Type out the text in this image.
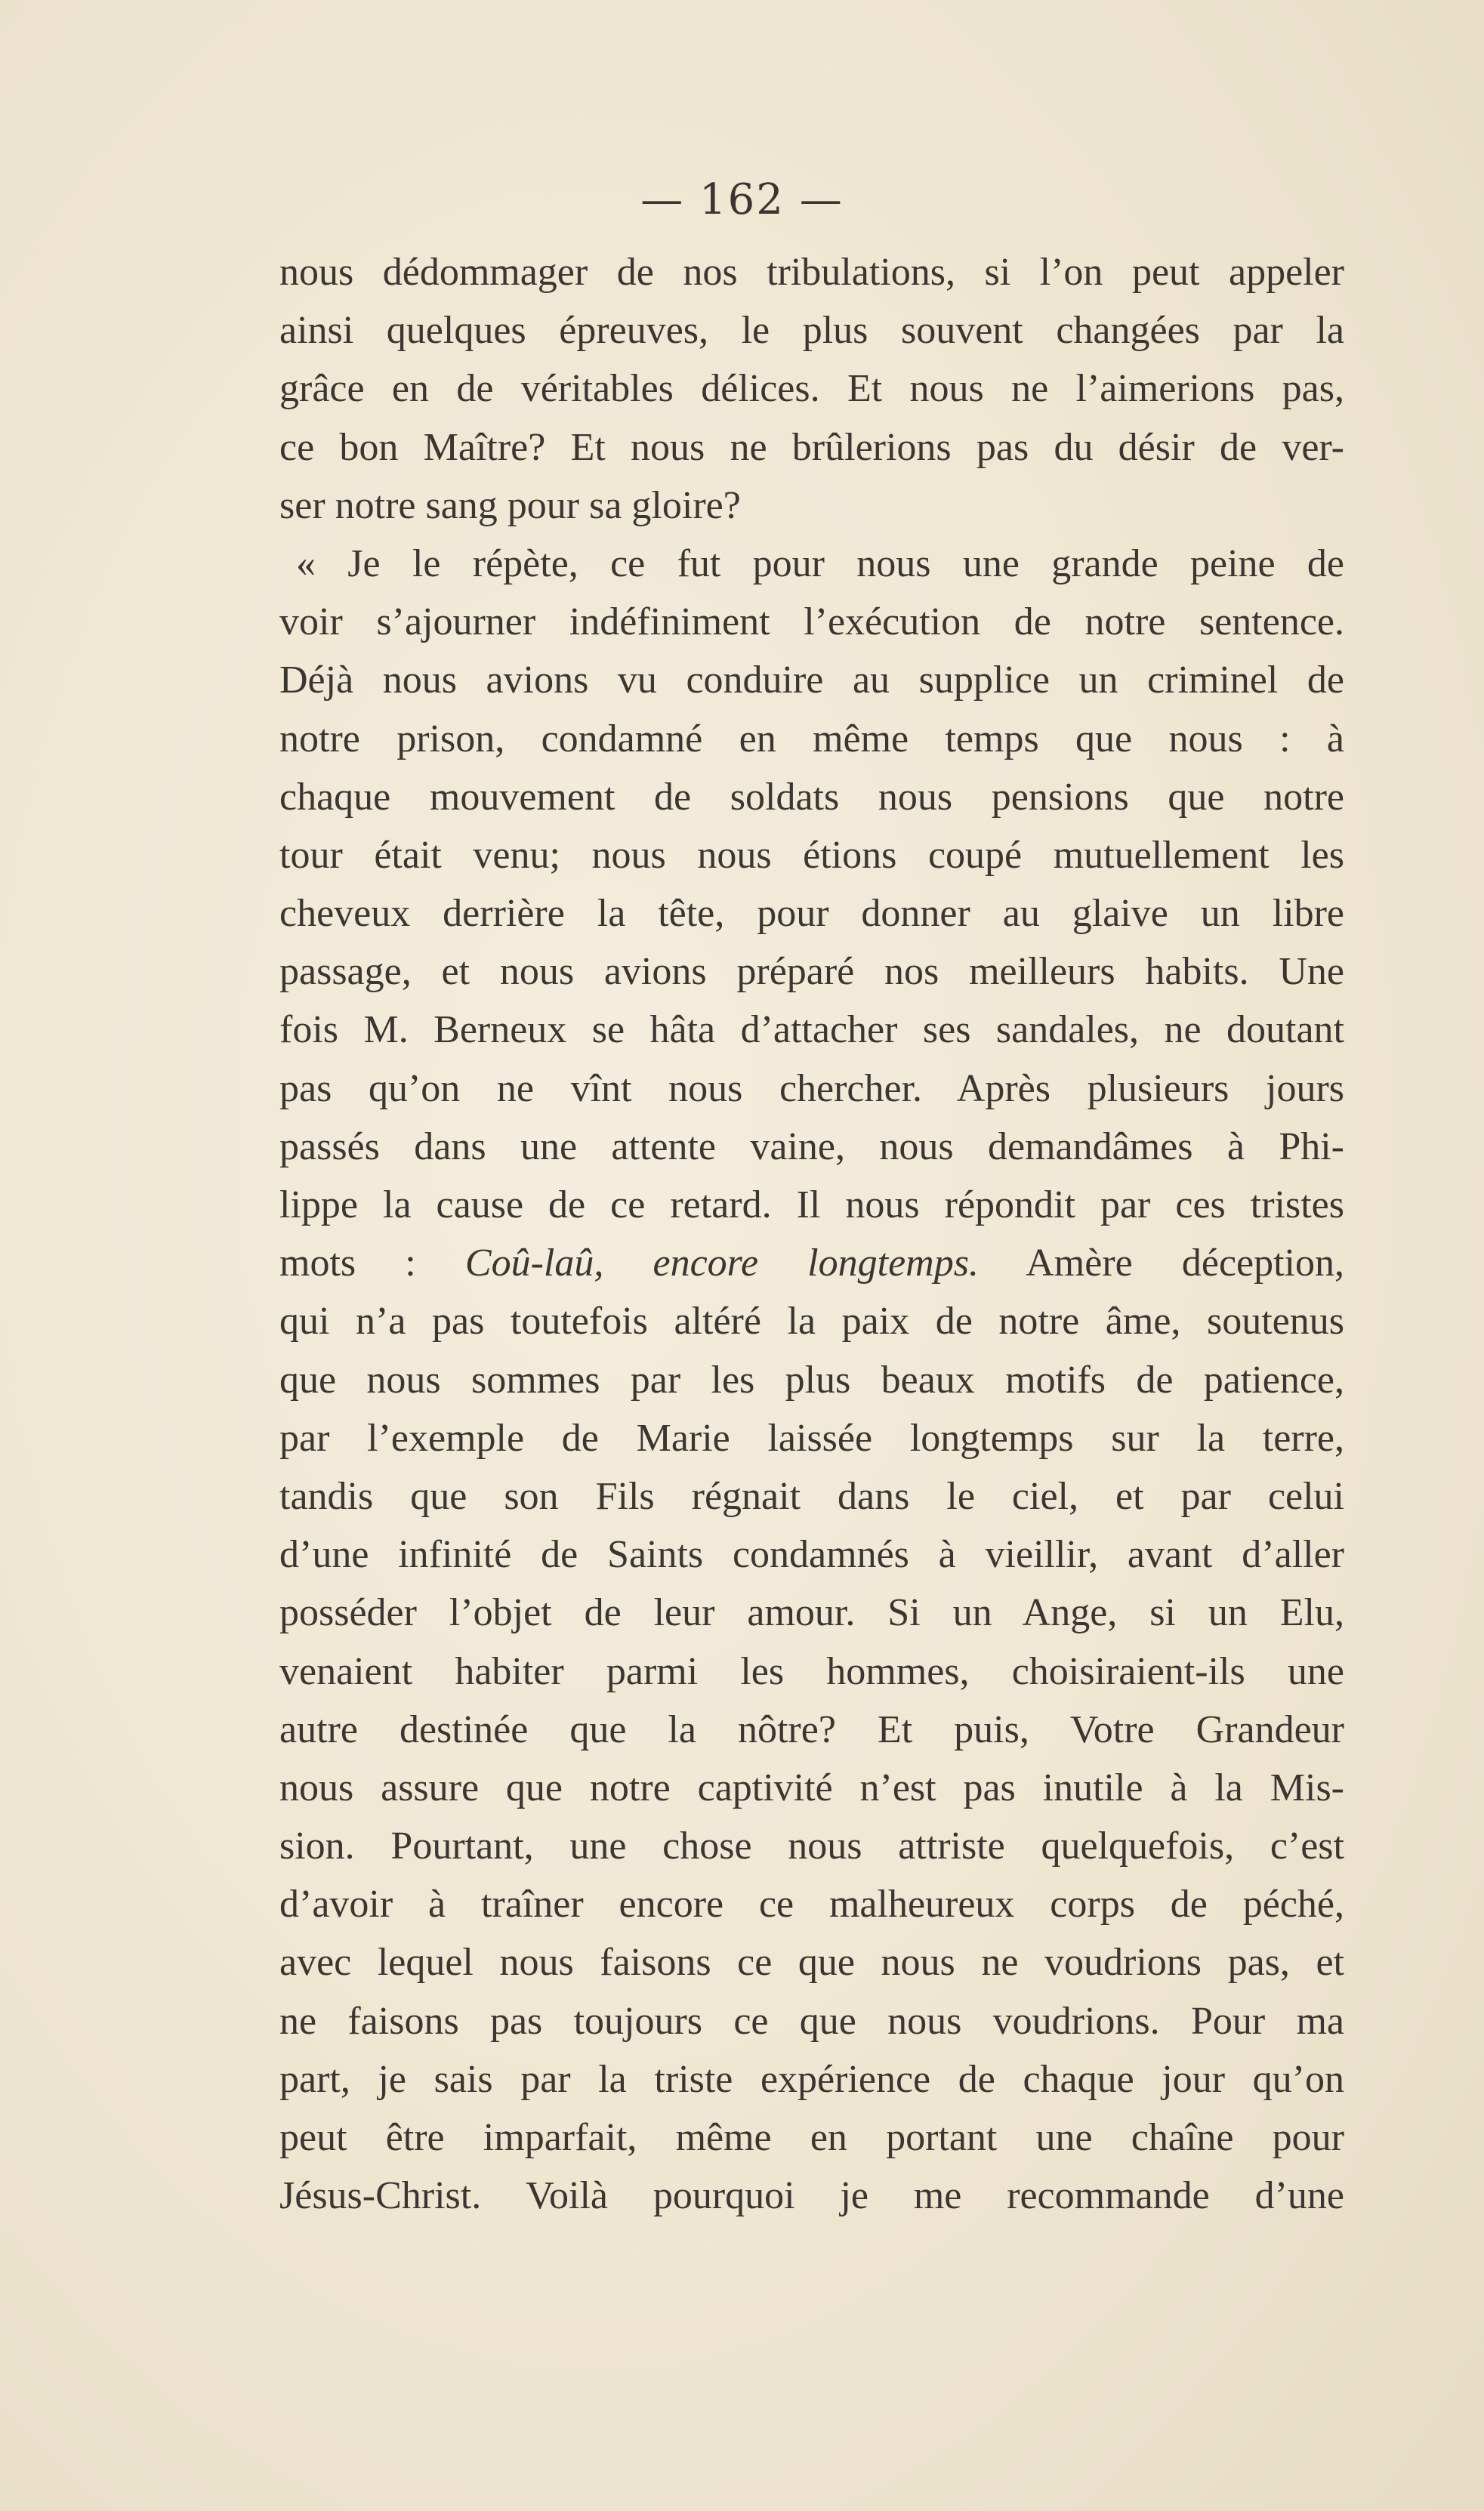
— 162 —
nous dédommager de nos tribulations, si l’on peut appeler
ainsi quelques épreuves, le plus souvent changées par la
grâce en de véritables délices. Et nous ne l’aimerions pas,
ce bon Maître? Et nous ne brûlerions pas du désir de ver-
ser notre sang pour sa gloire?
« Je le répète, ce fut pour nous une grande peine de
voir s’ajourner indéfiniment l’exécution de notre sentence.
Déjà nous avions vu conduire au supplice un criminel de
notre prison, condamné en même temps que nous : à
chaque mouvement de soldats nous pensions que notre
tour était venu; nous nous étions coupé mutuellement les
cheveux derrière la tête, pour donner au glaive un libre
passage, et nous avions préparé nos meilleurs habits. Une
fois M. Berneux se hâta d’attacher ses sandales, ne doutant
pas qu’on ne vînt nous chercher. Après plusieurs jours
passés dans une attente vaine, nous demandâmes à Phi-
lippe la cause de ce retard. Il nous répondit par ces tristes
mots : Coû-laû, encore longtemps. Amère déception,
qui n’a pas toutefois altéré la paix de notre âme, soutenus
que nous sommes par les plus beaux motifs de patience,
par l’exemple de Marie laissée longtemps sur la terre,
tandis que son Fils régnait dans le ciel, et par celui
d’une infinité de Saints condamnés à vieillir, avant d’aller
posséder l’objet de leur amour. Si un Ange, si un Elu,
venaient habiter parmi les hommes, choisiraient-ils une
autre destinée que la nôtre? Et puis, Votre Grandeur
nous assure que notre captivité n’est pas inutile à la Mis-
sion. Pourtant, une chose nous attriste quelquefois, c’est
d’avoir à traîner encore ce malheureux corps de péché,
avec lequel nous faisons ce que nous ne voudrions pas, et
ne faisons pas toujours ce que nous voudrions. Pour ma
part, je sais par la triste expérience de chaque jour qu’on
peut être imparfait, même en portant une chaîne pour
Jésus-Christ. Voilà pourquoi je me recommande d’une
